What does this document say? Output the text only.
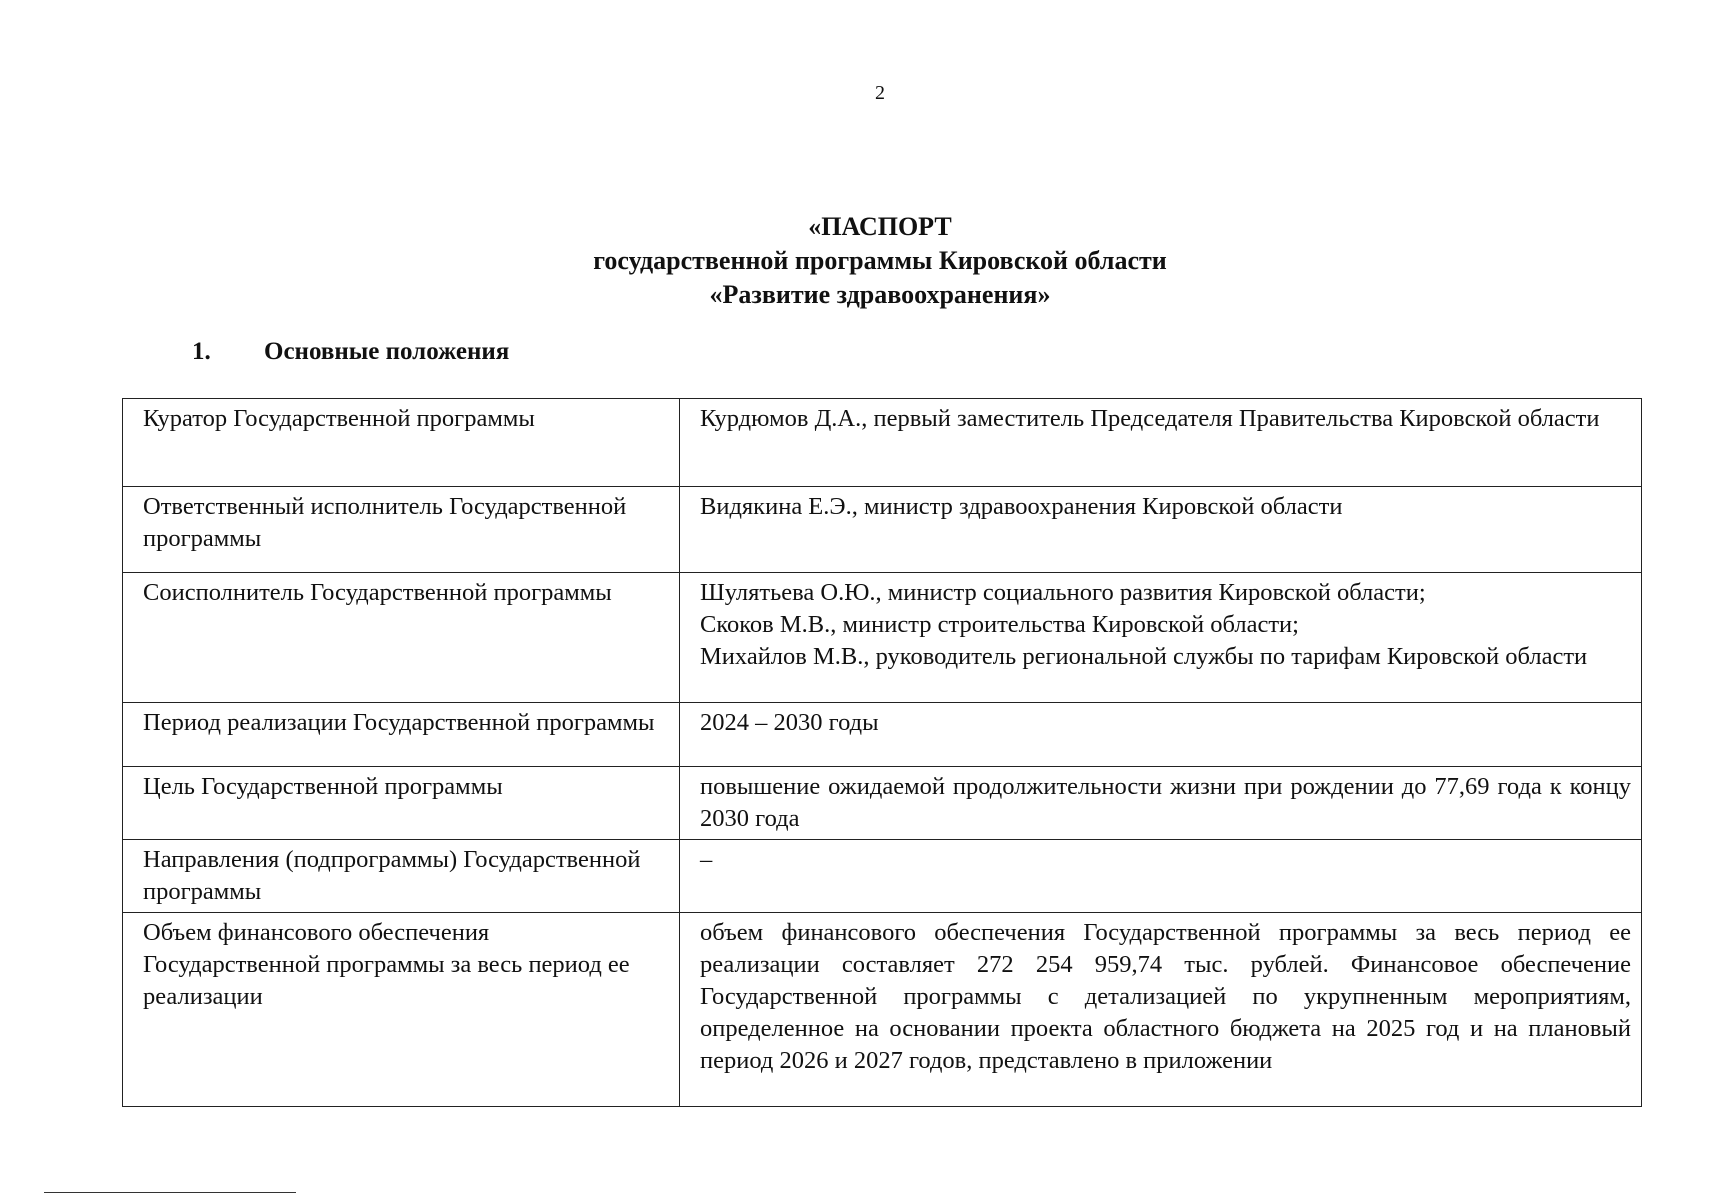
2
«ПАСПОРТ
государственной программы Кировской области
«Развитие здравоохранения»
1. Основные положения
Куратор Государственной программы	Курдюмов Д.А., первый заместитель Председателя Правительства Кировской области
Ответственный исполнитель Государственной программы	Видякина Е.Э., министр здравоохранения Кировской области
Соисполнитель Государственной программы	Шулятьева О.Ю., министр социального развития Кировской области;
Скоков М.В., министр строительства Кировской области;
Михайлов М.В., руководитель региональной службы по тарифам Кировской области

Период реализации Государственной программы	2024 – 2030 годы
Цель Государственной программы	повышение ожидаемой продолжительности жизни при рождении до 77,69 года к концу 2030 года
Направления (подпрограммы) Государственной программы	–
Объем финансового обеспечения Государственной программы за весь период ее реализации	объем финансового обеспечения Государственной программы за весь период ее реализации составляет 272 254 959,74 тыс. рублей. Финансовое обеспечение Государственной программы с детализацией по укрупненным мероприятиям, определенное на основании проекта областного бюджета на 2025 год и на плановый период 2026 и 2027 годов, представлено в приложении
